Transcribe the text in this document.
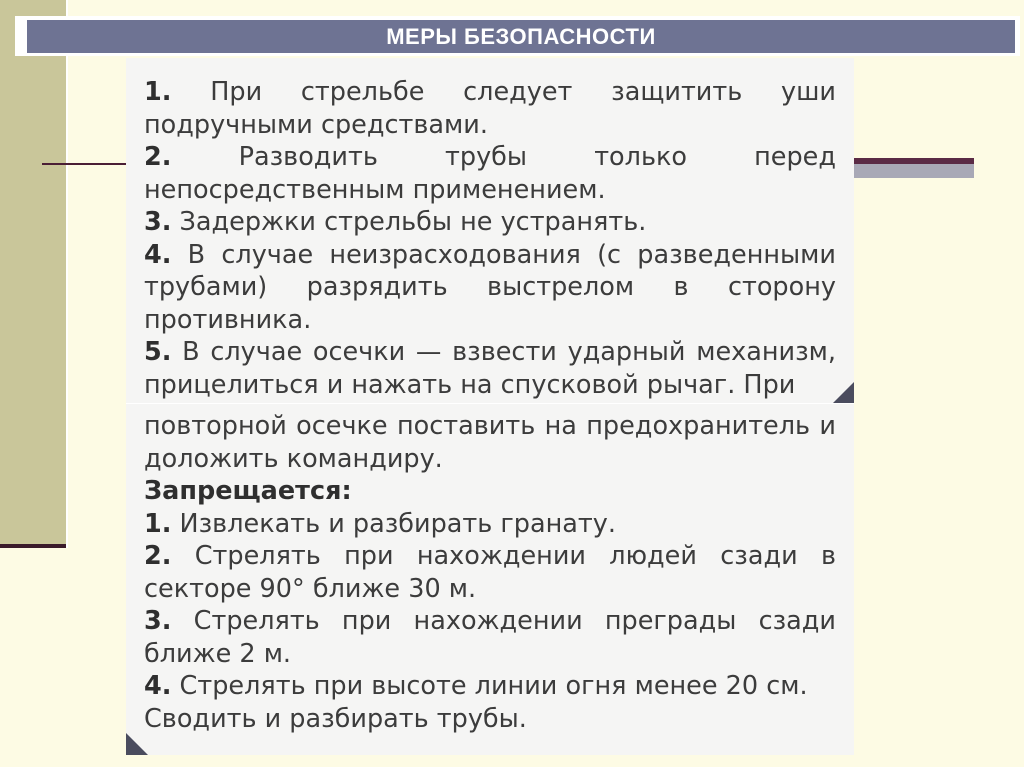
МЕРЫ БЕЗОПАСНОСТИ

1. При стрельбе следует защитить уши подручными средствами.

2.	Разводить трубы только перед непосредственным применением.

3. Задержки стрельбы не устранять.

4. В случае неизрасходования (с разведенными трубами) разрядить выстрелом в сторону противника.

5. В случае осечки — взвести ударный механизм, прицелиться и нажать на спусковой рычаг. При

повторной осечке поставить на предохранитель и доложить командиру.

Запрещается:

1. Извлекать и разбирать гранату.

2. Стрелять при нахождении людей сзади в секторе 90° ближе 30 м.

3. Стрелять при нахождении преграды сзади ближе 2 м.

4. Стрелять при высоте линии огня менее 20 см.

Сводить и разбирать трубы.
